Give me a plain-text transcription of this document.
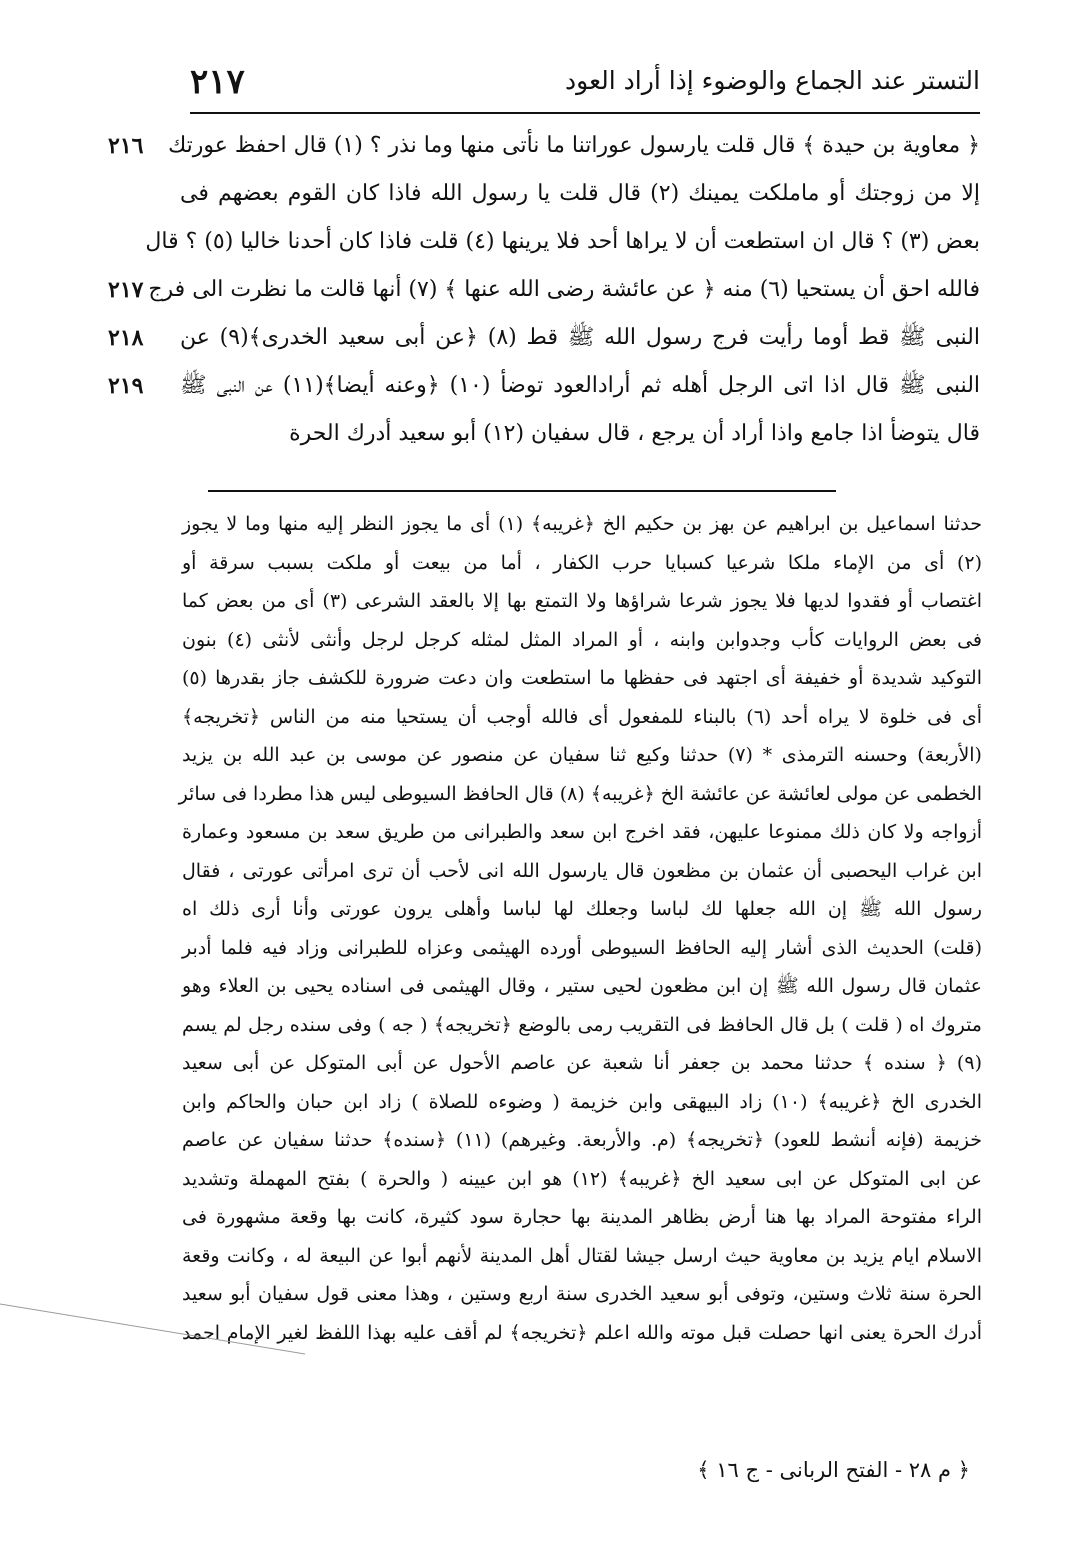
٢١٧	التستر عند الجماع والوضوء إذا أراد العود
٢١٦
٢١٧
٢١٨
٢١٩
﴿ معاوية بن حيدة ﴾ قال قلت يارسول عوراتنا ما نأتى منها وما نذر ؟ (١) قال احفظ عورتك
إلا من زوجتك أو ماملكت يمينك (٢) قال قلت يا رسول الله فاذا كان القوم بعضهم فى
بعض (٣) ؟ قال ان استطعت أن لا يراها أحد فلا يرينها (٤) قلت فاذا كان أحدنا خاليا (٥) ؟ قال
فالله احق أن يستحيا (٦) منه ﴿ عن عائشة رضى الله عنها ﴾ (٧) أنها قالت ما نظرت الى فرج
النبى ﷺ قط أوما رأيت فرج رسول الله ﷺ قط (٨) ﴿عن أبى سعيد الخدرى﴾(٩) عن
النبى ﷺ قال اذا اتى الرجل أهله ثم أرادالعود توضأ (١٠) ﴿وعنه أيضا﴾(١١) عن النبى ﷺ
قال يتوضأ اذا جامع واذا أراد أن يرجع ، قال سفيان (١٢) أبو سعيد أدرك الحرة
حدثنا اسماعيل بن ابراهيم عن بهز بن حكيم الخ ﴿غريبه﴾ (١) أى ما يجوز النظر إليه منها وما لا يجوز
(٢) أى من الإماء ملكا شرعيا كسبايا حرب الكفار ، أما من بيعت أو ملكت بسبب سرقة أو
اغتصاب أو فقدوا لديها فلا يجوز شرعا شراؤها ولا التمتع بها إلا بالعقد الشرعى (٣) أى من بعض كما
فى بعض الروايات كأب وجدوابن وابنه ، أو المراد المثل لمثله كرجل لرجل وأنثى لأنثى (٤) بنون
التوكيد شديدة أو خفيفة أى اجتهد فى حفظها ما استطعت وان دعت ضرورة للكشف جاز بقدرها (٥)
أى فى خلوة لا يراه أحد (٦) بالبناء للمفعول أى فالله أوجب أن يستحيا منه من الناس ﴿تخريجه﴾
(الأربعة) وحسنه الترمذى * (٧) حدثنا وكيع ثنا سفيان عن منصور عن موسى بن عبد الله بن يزيد
الخطمى عن مولى لعائشة عن عائشة الخ ﴿غريبه﴾ (٨) قال الحافظ السيوطى ليس هذا مطردا فى سائر
أزواجه ولا كان ذلك ممنوعا عليهن، فقد اخرج ابن سعد والطبرانى من طريق سعد بن مسعود وعمارة
ابن غراب اليحصبى أن عثمان بن مظعون قال يارسول الله انى لأحب أن ترى امرأتى عورتى ، فقال
رسول الله ﷺ إن الله جعلها لك لباسا وجعلك لها لباسا وأهلى يرون عورتى وأنا أرى ذلك اه
(قلت) الحديث الذى أشار إليه الحافظ السيوطى أورده الهيثمى وعزاه للطبرانى وزاد فيه فلما أدبر
عثمان قال رسول الله ﷺ إن ابن مظعون لحيى ستير ، وقال الهيثمى فى اسناده يحيى بن العلاء وهو
متروك اه ( قلت ) بل قال الحافظ فى التقريب رمى بالوضع ﴿تخريجه﴾ ( جه ) وفى سنده رجل لم يسم
(٩) ﴿ سنده ﴾ حدثنا محمد بن جعفر أنا شعبة عن عاصم الأحول عن أبى المتوكل عن أبى سعيد
الخدرى الخ ﴿غريبه﴾ (١٠) زاد البيهقى وابن خزيمة ( وضوءه للصلاة ) زاد ابن حبان والحاكم وابن
خزيمة (فإنه أنشط للعود) ﴿تخريجه﴾ (م. والأربعة. وغيرهم) (١١) ﴿سنده﴾ حدثنا سفيان عن عاصم
عن ابى المتوكل عن ابى سعيد الخ ﴿غريبه﴾ (١٢) هو ابن عيينه ( والحرة ) بفتح المهملة وتشديد
الراء مفتوحة المراد بها هنا أرض بظاهر المدينة بها حجارة سود كثيرة، كانت بها وقعة مشهورة فى
الاسلام ايام يزيد بن معاوية حيث ارسل جيشا لقتال أهل المدينة لأنهم أبوا عن البيعة له ، وكانت وقعة
الحرة سنة ثلاث وستين، وتوفى أبو سعيد الخدرى سنة اربع وستين ، وهذا معنى قول سفيان أبو سعيد
أدرك الحرة يعنى انها حصلت قبل موته والله اعلم ﴿تخريجه﴾ لم أقف عليه بهذا اللفظ لغير الإمام احمد
﴿ م ٢٨ - الفتح الربانى - ج ١٦ ﴾
